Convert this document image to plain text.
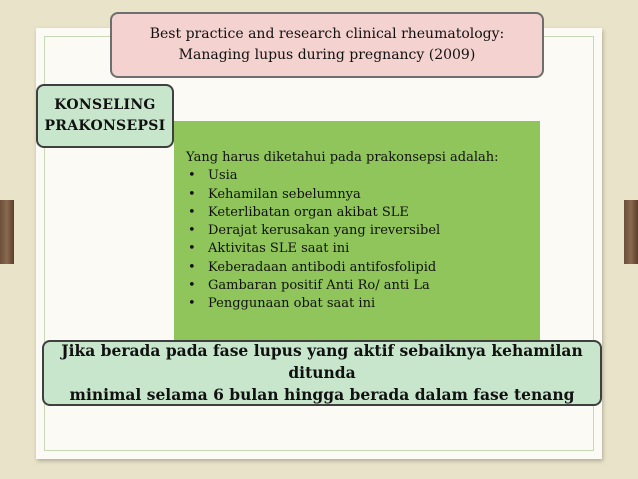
Best practice and research clinical rheumatology:
Managing lupus during pregnancy (2009)
Yang harus diketahui pada prakonsepsi adalah:
• Usia
• Kehamilan sebelumnya
• Keterlibatan organ akibat SLE
• Derajat kerusakan yang ireversibel
• Aktivitas SLE saat ini
• Keberadaan antibodi antifosfolipid
• Gambaran positif Anti Ro/ anti La
• Penggunaan obat saat ini
KONSELING
PRAKONSEPSI
Jika berada pada fase lupus yang aktif sebaiknya kehamilan ditunda
minimal selama 6 bulan hingga berada dalam fase tenang
